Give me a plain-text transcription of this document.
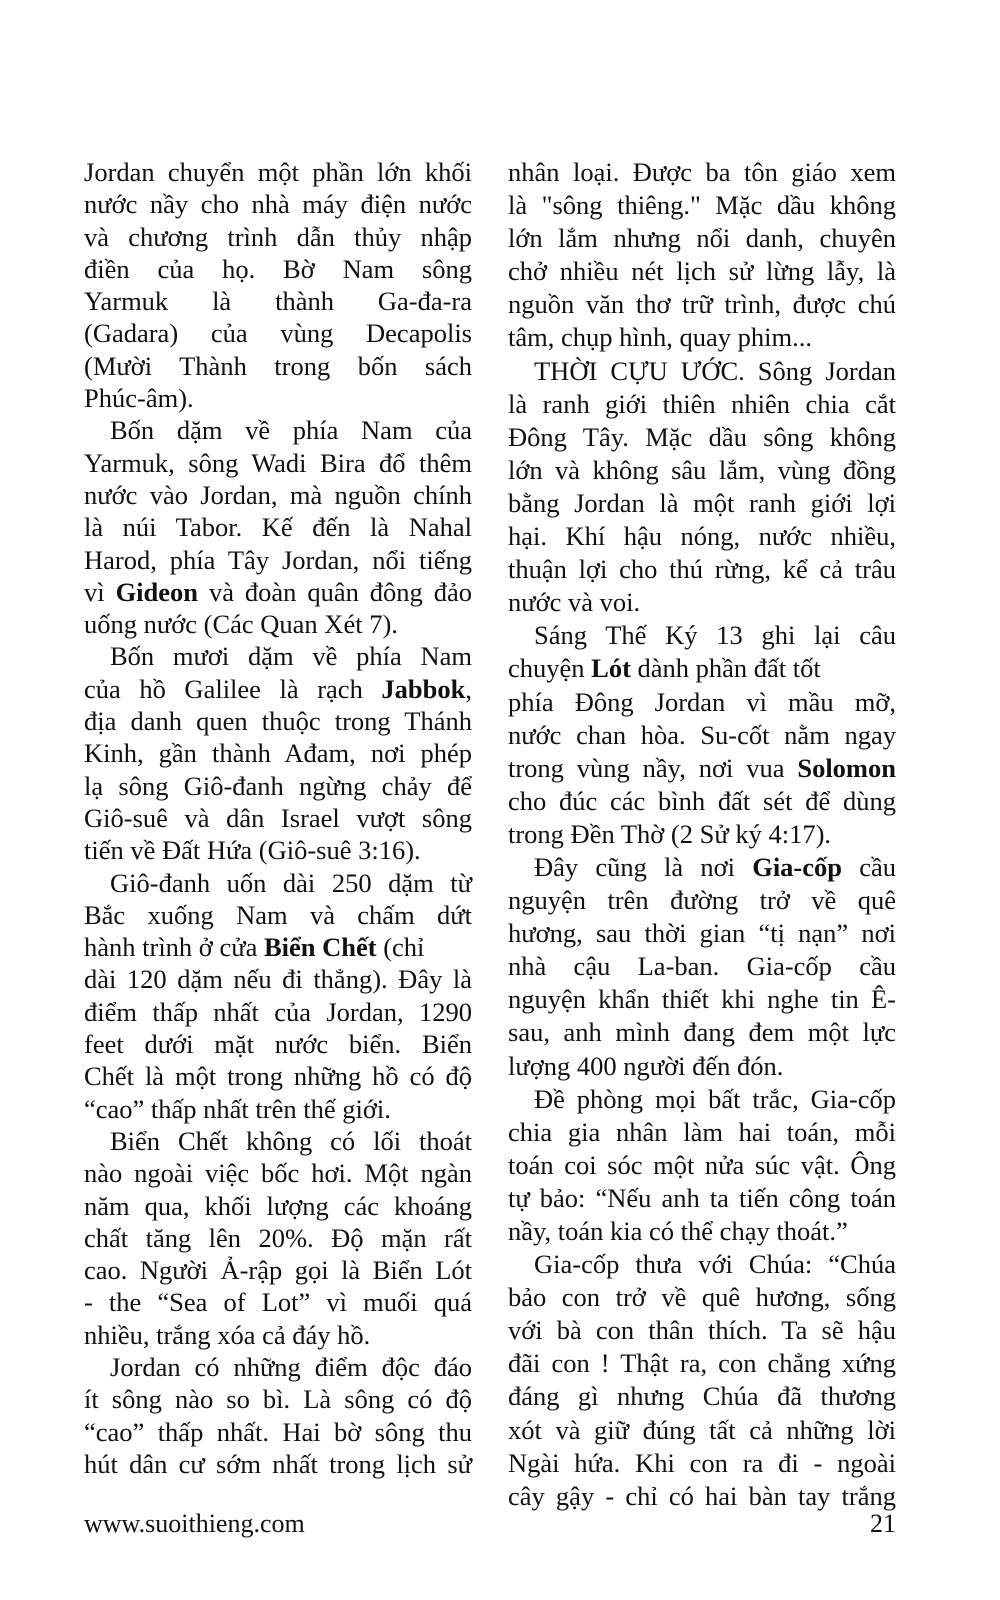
Jordan chuyển một phần lớn khối
nước nầy cho nhà máy điện nước
và chương trình dẫn thủy nhập
điền của họ. Bờ Nam sông
Yarmuk là thành Ga-đa-ra
(Gadara) của vùng Decapolis
(Mười Thành trong bốn sách
Phúc-âm).
Bốn dặm về phía Nam của
Yarmuk, sông Wadi Bira đổ thêm
nước vào Jordan, mà nguồn chính
là núi Tabor. Kế đến là Nahal
Harod, phía Tây Jordan, nổi tiếng
vì Gideon và đoàn quân đông đảo
uống nước (Các Quan Xét 7).
Bốn mươi dặm về phía Nam
của hồ Galilee là rạch Jabbok,
địa danh quen thuộc trong Thánh
Kinh, gần thành Ađam, nơi phép
lạ sông Giô-đanh ngừng chảy để
Giô-suê và dân Israel vượt sông
tiến về Đất Hứa (Giô-suê 3:16).
Giô-đanh uốn dài 250 dặm từ
Bắc xuống Nam và chấm dứt
hành trình ở cửa Biển Chết (chỉ
dài 120 dặm nếu đi thẳng). Đây là
điểm thấp nhất của Jordan, 1290
feet dưới mặt nước biển. Biển
Chết là một trong những hồ có độ
“cao” thấp nhất trên thế giới.
Biển Chết không có lối thoát
nào ngoài việc bốc hơi. Một ngàn
năm qua, khối lượng các khoáng
chất tăng lên 20%. Độ mặn rất
cao. Người Ả-rập gọi là Biển Lót
- the “Sea of Lot” vì muối quá
nhiều, trắng xóa cả đáy hồ.
Jordan có những điểm độc đáo
ít sông nào so bì. Là sông có độ
“cao” thấp nhất. Hai bờ sông thu
hút dân cư sớm nhất trong lịch sử
nhân loại. Được ba tôn giáo xem
là "sông thiêng." Mặc dầu không
lớn lắm nhưng nổi danh, chuyên
chở nhiều nét lịch sử lừng lẫy, là
nguồn văn thơ trữ trình, được chú
tâm, chụp hình, quay phim...
THỜI CỰU ƯỚC. Sông Jordan
là ranh giới thiên nhiên chia cắt
Đông Tây. Mặc dầu sông không
lớn và không sâu lắm, vùng đồng
bằng Jordan là một ranh giới lợi
hại. Khí hậu nóng, nước nhiều,
thuận lợi cho thú rừng, kể cả trâu
nước và voi.
Sáng Thế Ký 13 ghi lại câu
chuyện Lót dành phần đất tốt
phía Đông Jordan vì mầu mỡ,
nước chan hòa. Su-cốt nằm ngay
trong vùng nầy, nơi vua Solomon
cho đúc các bình đất sét để dùng
trong Đền Thờ (2 Sử ký 4:17).
Đây cũng là nơi Gia-cốp cầu
nguyện trên đường trở về quê
hương, sau thời gian “tị nạn” nơi
nhà cậu La-ban. Gia-cốp cầu
nguyện khẩn thiết khi nghe tin Ê-
sau, anh mình đang đem một lực
lượng 400 người đến đón.
Đề phòng mọi bất trắc, Gia-cốp
chia gia nhân làm hai toán, mỗi
toán coi sóc một nửa súc vật. Ông
tự bảo: “Nếu anh ta tiến công toán
nầy, toán kia có thể chạy thoát.”
Gia-cốp thưa với Chúa: “Chúa
bảo con trở về quê hương, sống
với bà con thân thích. Ta sẽ hậu
đãi con ! Thật ra, con chẳng xứng
đáng gì nhưng Chúa đã thương
xót và giữ đúng tất cả những lời
Ngài hứa. Khi con ra đi - ngoài
cây gậy - chỉ có hai bàn tay trắng
www.suoithieng.com	21
